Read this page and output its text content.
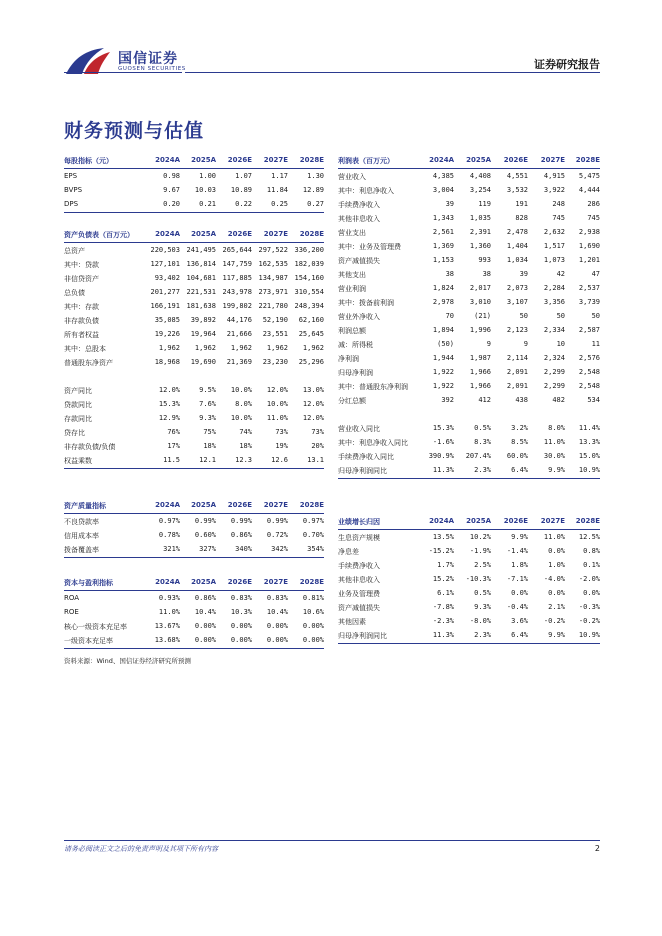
国信证券
GUOSEN SECURITIES	证券研究报告
财务预测与估值
每股指标（元）	2024A 2025A 2026E 2027E 2028E
EPS	0.98	1.00	1.07	1.17	1.30
BVPS	9.67 10.03 10.89 11.84 12.89
DPS	0.20	0.21	0.22	0.25	0.27
资产负债表（百万元）	2024A 2025A 2026E 2027E 2028E
总资产	220,503 241,495 265,644 297,522 336,200
其中：贷款	127,101 136,814 147,759 162,535 182,039
非信贷资产	93,402 104,681 117,885 134,987 154,160
总负债	201,277 221,531 243,978 273,971 310,554
其中：存款	166,191 181,638 199,802 221,780 248,394
非存款负债	35,085 39,892 44,176 52,190 62,160
所有者权益	19,226 19,964 21,666 23,551 25,645
其中：总股本	1,962 1,962 1,962 1,962 1,962
普通股东净资产	18,968 19,690 21,369 23,230 25,296
资产同比	12.0%	9.5% 10.0% 12.0% 13.0%
贷款同比	15.3%	7.6%	8.0% 10.0% 12.0%
存款同比	12.9%	9.3% 10.0% 11.0% 12.0%
贷存比	76%	75%	74%	73%	73%
非存款负债/负债	17%	18%	18%	19%	20%
权益乘数	11.5	12.1	12.3	12.6	13.1
资产质量指标	2024A 2025A 2026E 2027E 2028E
不良贷款率	0.97% 0.99% 0.99% 0.99% 0.97%
信用成本率	0.78% 0.60% 0.86% 0.72% 0.70%
拨备覆盖率	321%	327%	340%	342%	354%
资本与盈利指标	2024A 2025A 2026E 2027E 2028E
ROA	0.93% 0.86% 0.83% 0.83% 0.81%
ROE	11.0% 10.4% 10.3% 10.4% 10.6%
核心一级资本充足率	13.67% 0.00% 0.00% 0.00% 0.00%
一级资本充足率	13.68% 0.00% 0.00% 0.00% 0.00%
利润表（百万元）	2024A 2025A 2026E 2027E 2028E
营业收入	4,385 4,408 4,551 4,915 5,475
其中：利息净收入	3,004 3,254 3,532 3,922 4,444
手续费净收入	39	119	191	248	286
其他非息收入	1,343 1,035	828	745	745
营业支出	2,561 2,391 2,478 2,632 2,938
其中：业务及管理费	1,369 1,360 1,404 1,517 1,690
资产减值损失	1,153	993 1,034 1,073 1,201
其他支出	38	38	39	42	47
营业利润	1,824 2,017 2,073 2,284 2,537
其中：拨备前利润	2,978 3,010 3,107 3,356 3,739
营业外净收入	70	(21)	50	50	50
利润总额	1,894 1,996 2,123 2,334 2,587
减：所得税	(50)	9	9	10	11
净利润	1,944 1,987 2,114 2,324 2,576
归母净利润	1,922 1,966 2,091 2,299 2,548
其中：普通股东净利润	1,922 1,966 2,091 2,299 2,548
分红总额	392	412	438	482	534
营业收入同比	15.3%	0.5%	3.2%	8.0% 11.4%
其中：利息净收入同比	-1.6%	8.3%	8.5% 11.0% 13.3%
手续费净收入同比	390.9% 207.4% 60.0% 30.0% 15.0%
归母净利润同比	11.3%	2.3%	6.4%	9.9% 10.9%
业绩增长归因	2024A 2025A 2026E 2027E 2028E
生息资产规模	13.5% 10.2%	9.9% 11.0% 12.5%
净息差	-15.2% -1.9% -1.4%	0.0%	0.8%
手续费净收入	1.7%	2.5%	1.8%	1.0%	0.1%
其他非息收入	15.2% -10.3% -7.1% -4.0% -2.0%
业务及管理费	6.1%	0.5%	0.0%	0.0%	0.0%
资产减值损失	-7.8%	9.3% -0.4%	2.1% -0.3%
其他因素	-2.3% -8.0%	3.6% -0.2% -0.2%
归母净利润同比	11.3%	2.3%	6.4%	9.9% 10.9%
资料来源：Wind、国信证券经济研究所预测
请务必阅读正文之后的免责声明及其项下所有内容	2
